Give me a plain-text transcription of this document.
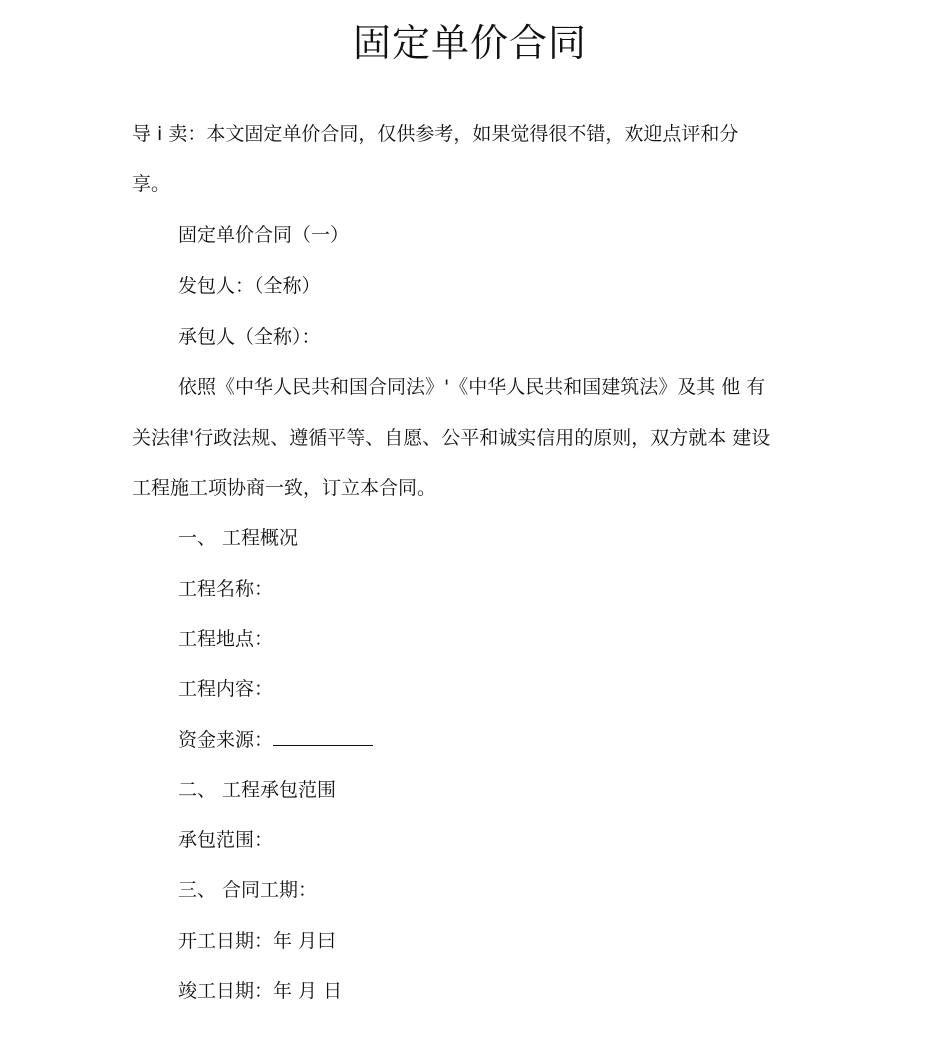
固定单价合同
导 i 卖：本文固定单价合同，仅供参考，如果觉得很不错，欢迎点评和分
享。
固定单价合同（一）
发包人：（全称）
承包人（全称）：
依照《中华人民共和国合同法》'《中华人民共和国建筑法》及其 他 有
关法律'行政法规、遵循平等、自愿、公平和诚实信用的原则，双方就本 建设
工程施工项协商一致，订立本合同。
一、 工程概况
工程名称：
工程地点：
工程内容：
资金来源：
二、 工程承包范围
承包范围：
三、 合同工期：
开工日期：年 月曰
竣工日期：年 月 日
